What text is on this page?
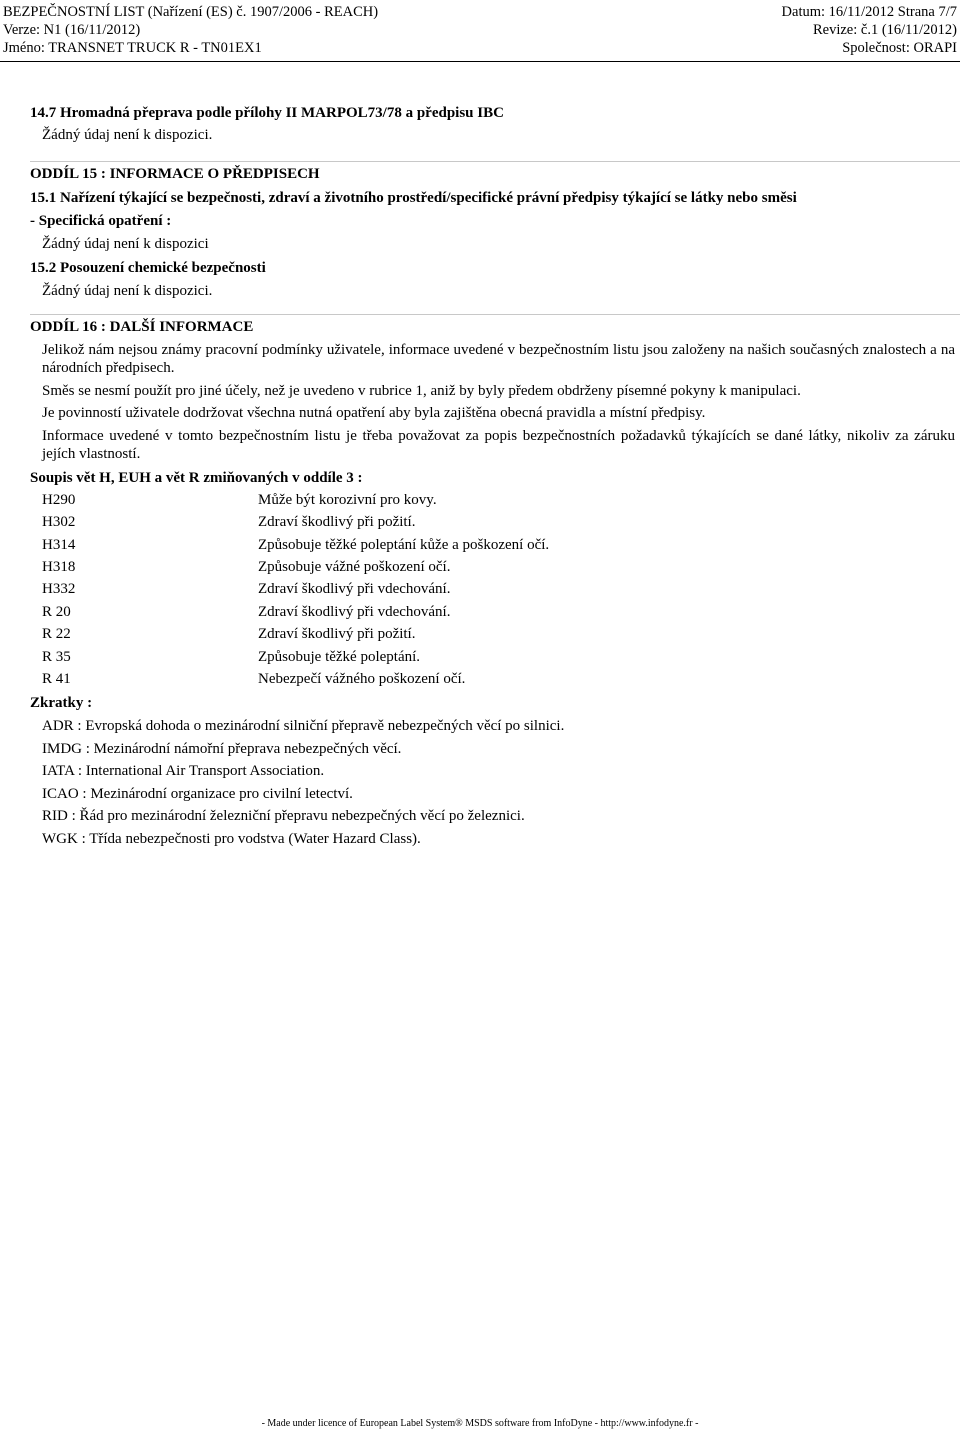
BEZPEČNOSTNÍ LIST (Nařízení (ES) č. 1907/2006 - REACH)	Datum: 16/11/2012 Strana 7/7
Verze: N1 (16/11/2012)	Revize: č.1 (16/11/2012)
Jméno: TRANSNET TRUCK R - TN01EX1	Společnost: ORAPI
14.7 Hromadná přeprava podle přílohy II MARPOL73/78 a předpisu IBC
Žádný údaj není k dispozici.
ODDÍL 15 : INFORMACE O PŘEDPISECH
15.1 Nařízení týkající se bezpečnosti, zdraví a životního prostředí/specifické právní předpisy týkající se látky nebo směsi
- Specifická opatření :
Žádný údaj není k dispozici
15.2 Posouzení chemické bezpečnosti
Žádný údaj není k dispozici.
ODDÍL 16 : DALŠÍ INFORMACE
Jelikož nám nejsou známy pracovní podmínky uživatele, informace uvedené v bezpečnostním listu jsou založeny na našich současných znalostech a na národních předpisech.
Směs se nesmí použít pro jiné účely, než je uvedeno v rubrice 1, aniž by byly předem obdrženy písemné pokyny k manipulaci.
Je povinností uživatele dodržovat všechna nutná opatření aby byla zajištěna obecná pravidla a místní předpisy.
Informace uvedené v tomto bezpečnostním listu je třeba považovat za popis bezpečnostních požadavků týkajících se dané látky, nikoliv za záruku jejích vlastností.
Soupis vět H, EUH a vět R zmiňovaných v oddíle 3 :
H290	Může být korozivní pro kovy.
H302	Zdraví škodlivý při požití.
H314	Způsobuje těžké poleptání kůže a poškození očí.
H318	Způsobuje vážné poškození očí.
H332	Zdraví škodlivý při vdechování.
R 20	Zdraví škodlivý při vdechování.
R 22	Zdraví škodlivý při požití.
R 35	Způsobuje těžké poleptání.
R 41	Nebezpečí vážného poškození očí.
Zkratky :
ADR : Evropská dohoda o mezinárodní silniční přepravě nebezpečných věcí po silnici.
IMDG : Mezinárodní námořní přeprava nebezpečných věcí.
IATA : International Air Transport Association.
ICAO : Mezinárodní organizace pro civilní letectví.
RID : Řád pro mezinárodní železniční přepravu nebezpečných věcí po železnici.
WGK : Třída nebezpečnosti pro vodstva (Water Hazard Class).
- Made under licence of European Label System® MSDS software from InfoDyne - http://www.infodyne.fr -
